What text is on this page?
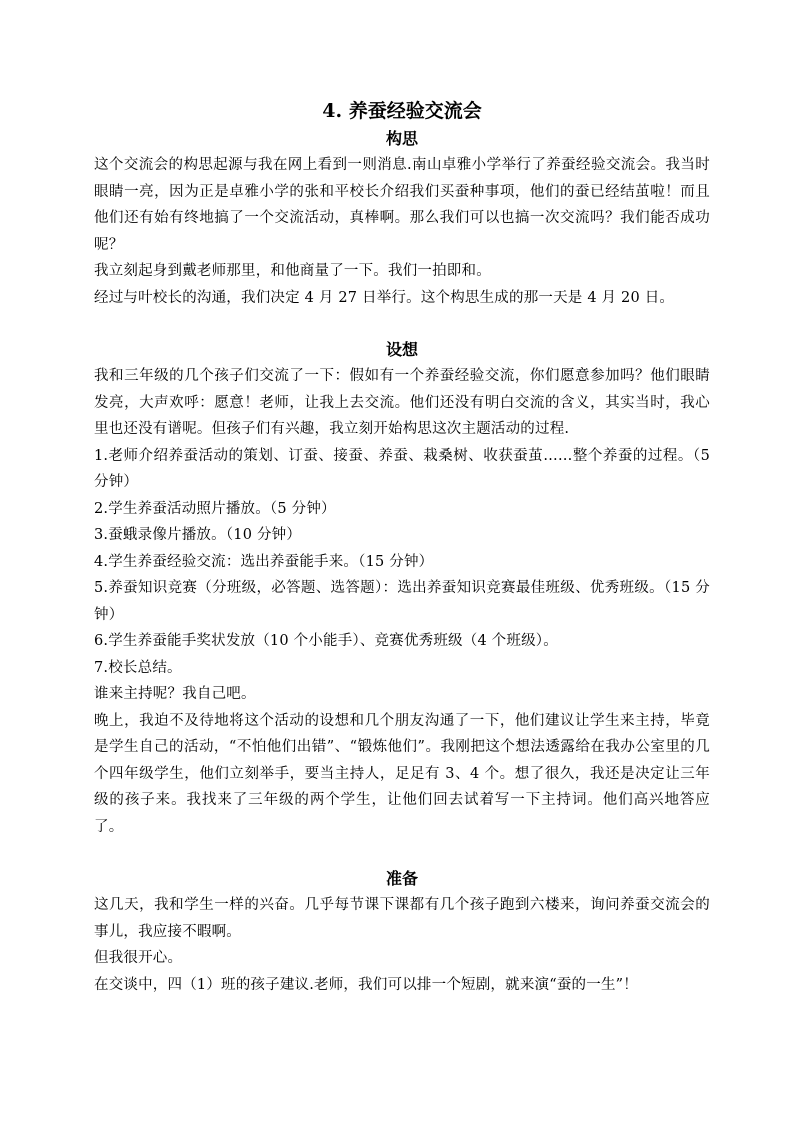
4. 养蚕经验交流会
构思

这个交流会的构思起源与我在网上看到一则消息.南山卓雅小学举行了养蚕经验交流会。我当时眼睛一亮，因为正是卓雅小学的张和平校长介绍我们买蚕种事项，他们的蚕已经结茧啦！而且他们还有始有终地搞了一个交流活动，真棒啊。那么我们可以也搞一次交流吗？我们能否成功呢？

我立刻起身到戴老师那里，和他商量了一下。我们一拍即和。

经过与叶校长的沟通，我们决定 4 月 27 日举行。这个构思生成的那一天是 4 月 20 日。

设想

我和三年级的几个孩子们交流了一下：假如有一个养蚕经验交流，你们愿意参加吗？他们眼睛发亮，大声欢呼：愿意！老师，让我上去交流。他们还没有明白交流的含义，其实当时，我心里也还没有谱呢。但孩子们有兴趣，我立刻开始构思这次主题活动的过程.

1.老师介绍养蚕活动的策划、订蚕、接蚕、养蚕、栽桑树、收获蚕茧……整个养蚕的过程。（5 分钟）

2.学生养蚕活动照片播放。（5 分钟）

3.蚕蛾录像片播放。（10 分钟）

4.学生养蚕经验交流：选出养蚕能手来。（15 分钟）

5.养蚕知识竞赛（分班级，必答题、选答题）：选出养蚕知识竞赛最佳班级、优秀班级。（15 分钟）

6.学生养蚕能手奖状发放（10 个小能手）、竞赛优秀班级（4 个班级）。

7.校长总结。

谁来主持呢？我自己吧。

晚上，我迫不及待地将这个活动的设想和几个朋友沟通了一下，他们建议让学生来主持，毕竟是学生自己的活动，“不怕他们出错”、“锻炼他们”。我刚把这个想法透露给在我办公室里的几个四年级学生，他们立刻举手，要当主持人，足足有 3、4 个。想了很久，我还是决定让三年级的孩子来。我找来了三年级的两个学生，让他们回去试着写一下主持词。他们高兴地答应了。

准备

这几天，我和学生一样的兴奋。几乎每节课下课都有几个孩子跑到六楼来，询问养蚕交流会的事儿，我应接不暇啊。

但我很开心。

在交谈中，四（1）班的孩子建议.老师，我们可以排一个短剧，就来演“蚕的一生”！
